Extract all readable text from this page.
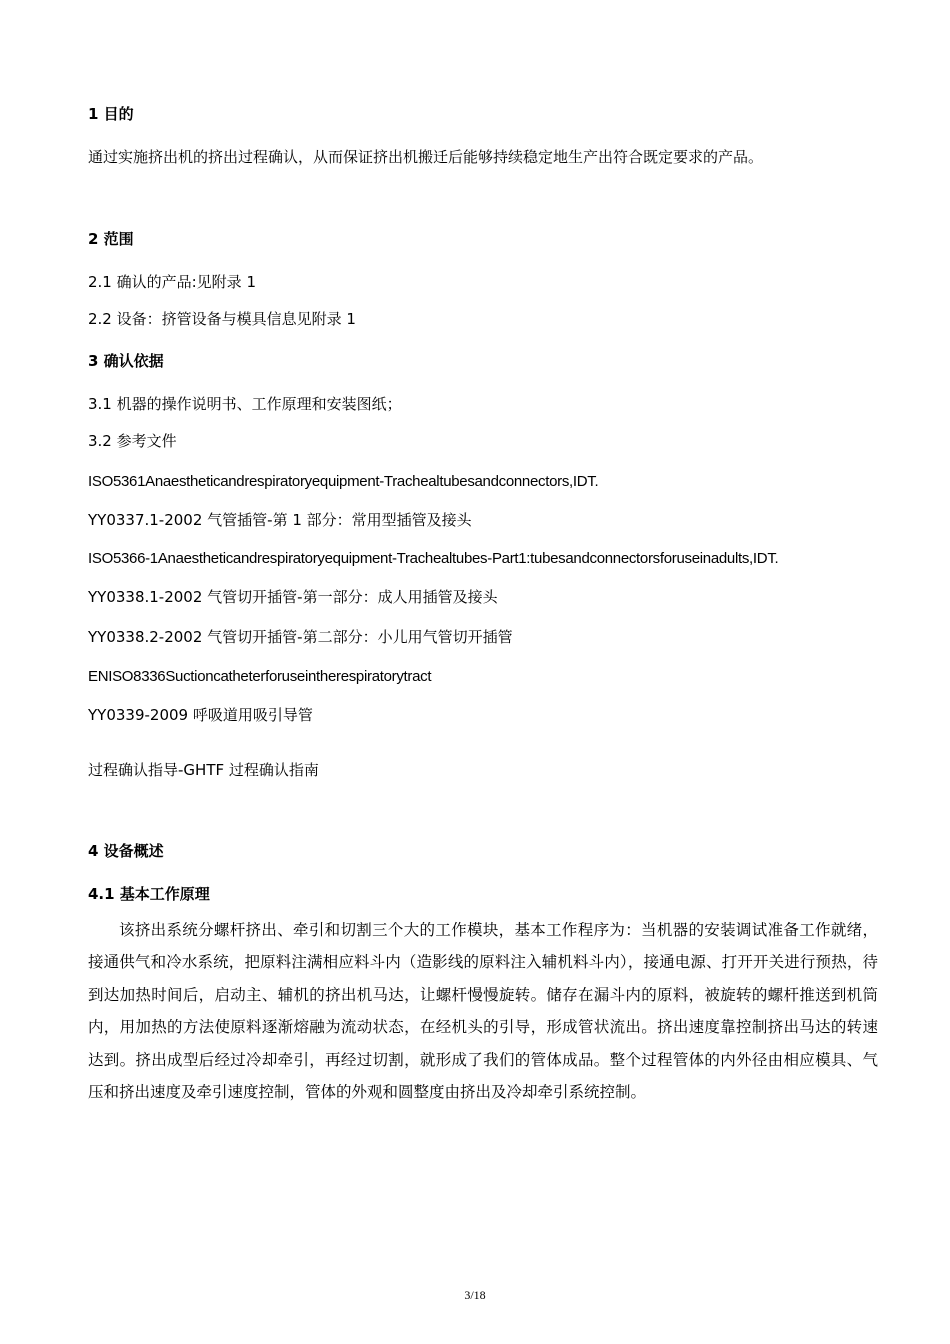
1 目的
通过实施挤出机的挤出过程确认，从而保证挤出机搬迁后能够持续稳定地生产出符合既定要求的产品。
2 范围
2.1 确认的产品:见附录 1
2.2 设备：挤管设备与模具信息见附录 1
3 确认依据
3.1 机器的操作说明书、工作原理和安装图纸；
3.2 参考文件
ISO5361Anaestheticandrespiratoryequipment-Trachealtubesandconnectors,IDT.
YY0337.1-2002 气管插管-第 1 部分：常用型插管及接头
ISO5366-1Anaestheticandrespiratoryequipment-Trachealtubes-Part1:tubesandconnectorsforuseinadults,IDT.
YY0338.1-2002 气管切开插管-第一部分：成人用插管及接头
YY0338.2-2002 气管切开插管-第二部分：小儿用气管切开插管
ENISO8336Suctioncatheterforuseintherespiratorytract
YY0339-2009 呼吸道用吸引导管
过程确认指导-GHTF 过程确认指南
4 设备概述
4.1 基本工作原理
该挤出系统分螺杆挤出、牵引和切割三个大的工作模块，基本工作程序为：当机器的安装调试准备工作就绪，接通供气和冷水系统，把原料注满相应料斗内（造影线的原料注入辅机料斗内），接通电源、打开开关进行预热，待到达加热时间后，启动主、辅机的挤出机马达，让螺杆慢慢旋转。储存在漏斗内的原料，被旋转的螺杆推送到机筒内，用加热的方法使原料逐渐熔融为流动状态，在经机头的引导，形成管状流出。挤出速度靠控制挤出马达的转速达到。挤出成型后经过冷却牵引，再经过切割，就形成了我们的管体成品。整个过程管体的内外径由相应模具、气压和挤出速度及牵引速度控制，管体的外观和圆整度由挤出及冷却牵引系统控制。
3/18
